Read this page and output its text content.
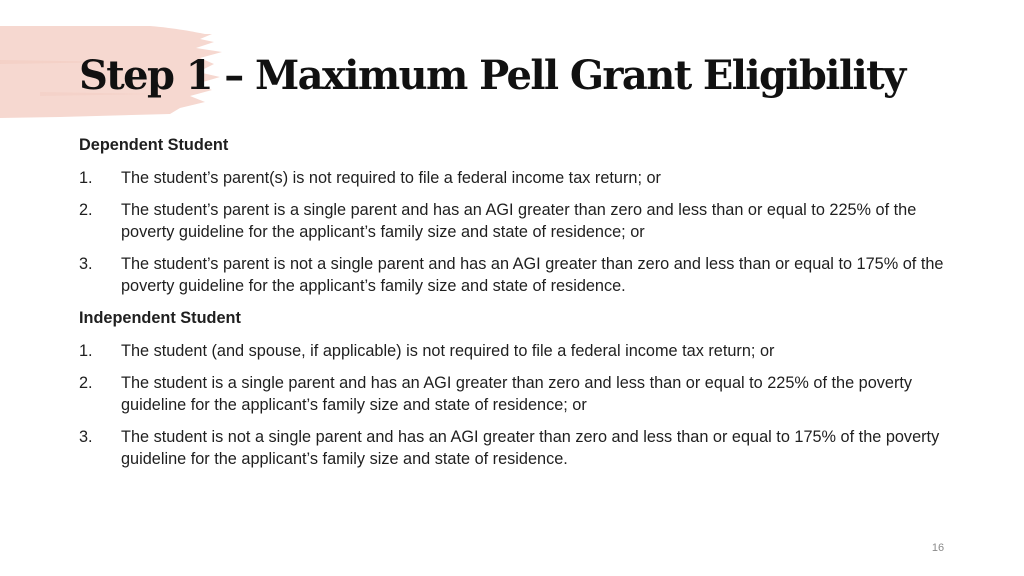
Step 1 – Maximum Pell Grant Eligibility
Dependent Student
1.	The student’s parent(s) is not required to file a federal income tax return; or
2.	The student’s parent is a single parent and has an AGI greater than zero and less than or equal to 225% of the poverty guideline for the applicant’s family size and state of residence; or
3.	The student’s parent is not a single parent and has an AGI greater than zero and less than or equal to 175% of the poverty guideline for the applicant’s family size and state of residence.
Independent Student
1.	The student (and spouse, if applicable) is not required to file a federal income tax return; or
2.	The student is a single parent and has an AGI greater than zero and less than or equal to 225% of the poverty guideline for the applicant’s family size and state of residence; or
3.	The student is not a single parent and has an AGI greater than zero and less than or equal to 175% of the poverty guideline for the applicant’s family size and state of residence.
16
